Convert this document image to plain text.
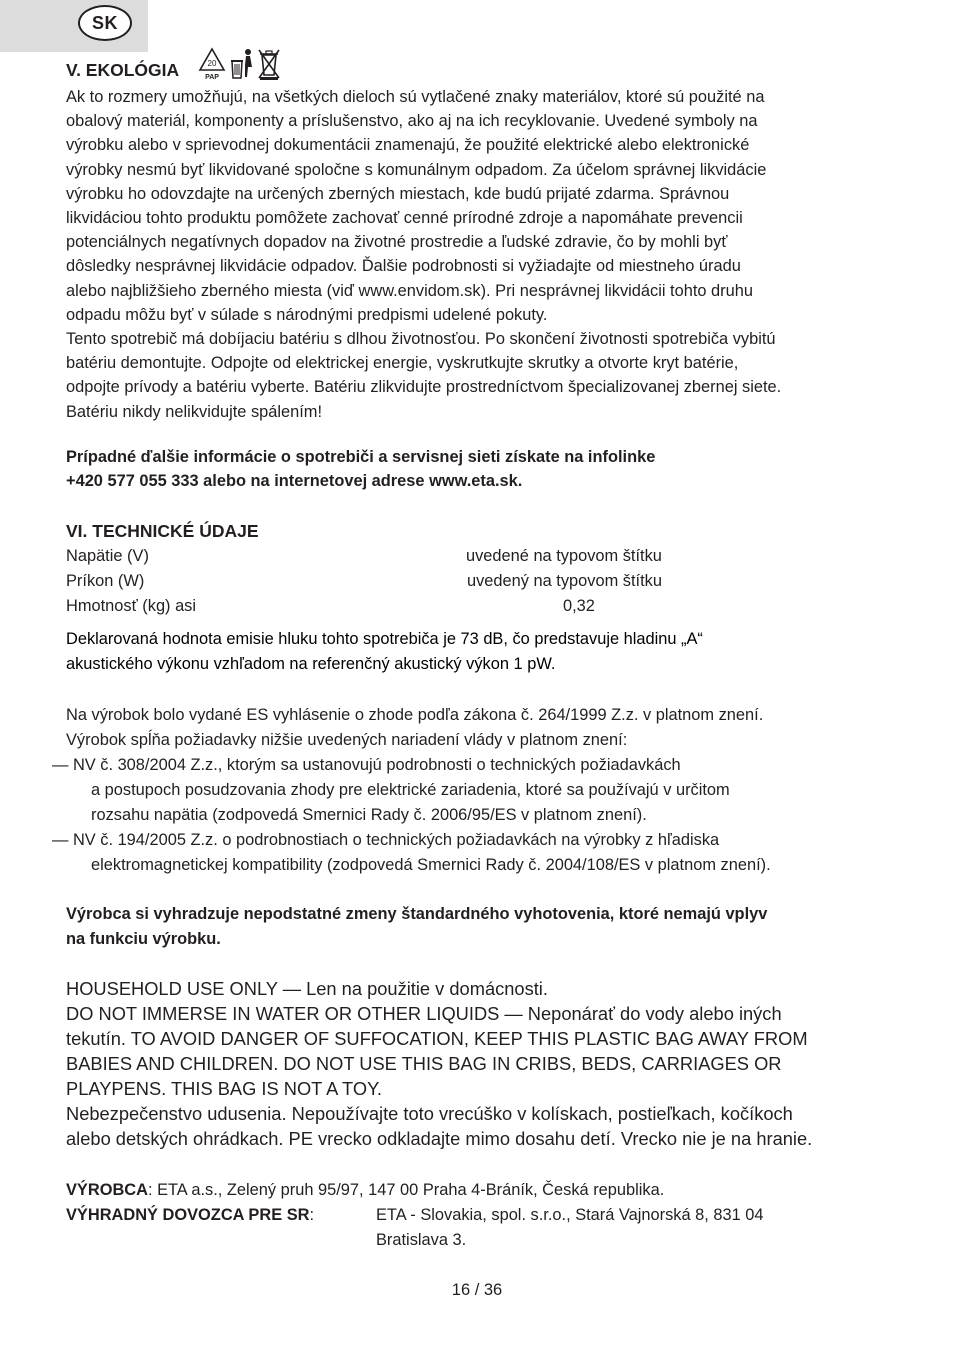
SK
V. EKOLÓGIA	20
PAP

Ak to rozmery umožňujú, na všetkých dieloch sú vytlačené znaky materiálov, ktoré sú použité na

obalový materiál, komponenty a príslušenstvo, ako aj na ich recyklovanie. Uvedené symboly na

výrobku alebo v sprievodnej dokumentácii znamenajú, že použité elektrické alebo elektronické

výrobky nesmú byť likvidované spoločne s komunálnym odpadom. Za účelom správnej likvidácie

výrobku ho odovzdajte na určených zberných miestach, kde budú prijaté zdarma. Správnou

likvidáciou tohto produktu pomôžete zachovať cenné prírodné zdroje a napomáhate prevencii

potenciálnych negatívnych dopadov na životné prostredie a ľudské zdravie, čo by mohli byť

dôsledky nesprávnej likvidácie odpadov. Ďalšie podrobnosti si vyžiadajte od miestneho úradu

alebo najbližšieho zberného miesta (viď www.envidom.sk). Pri nesprávnej likvidácii tohto druhu

odpadu môžu byť v súlade s národnými predpismi udelené pokuty.

Tento spotrebič má dobíjaciu batériu s dlhou životnosťou. Po skončení životnosti spotrebiča vybitú

batériu demontujte. Odpojte od elektrickej energie, vyskrutkujte skrutky a otvorte kryt batérie,

odpojte prívody a batériu vyberte. Batériu zlikvidujte prostredníctvom špecializovanej zbernej siete.

Batériu nikdy nelikvidujte spálením!

Prípadné ďalšie informácie o spotrebiči a servisnej sieti získate na infolinke

+420 577 055 333 alebo na internetovej adrese www.eta.sk.

VI. TECHNICKÉ ÚDAJE

Napätie (V)	uvedené na typovom štítku
Príkon (W)	uvedený na typovom štítku
Hmotnosť (kg) asi	0,32

Deklarovaná hodnota emisie hluku tohto spotrebiča je 73 dB, čo predstavuje hladinu „A“

akustického výkonu vzhľadom na referenčný akustický výkon 1 pW.

Na výrobok bolo vydané ES vyhlásenie o zhode podľa zákona č. 264/1999 Z.z. v platnom znení.

Výrobok spĺňa požiadavky nižšie uvedených nariadení vlády v platnom znení:

— NV č. 308/2004 Z.z., ktorým sa ustanovujú podrobnosti o technických požiadavkách

a postupoch posudzovania zhody pre elektrické zariadenia, ktoré sa používajú v určitom

rozsahu napätia (zodpovedá Smernici Rady č. 2006/95/ES v platnom znení).

— NV č. 194/2005 Z.z. o podrobnostiach o technických požiadavkách na výrobky z hľadiska

elektromagnetickej kompatibility (zodpovedá Smernici Rady č. 2004/108/ES v platnom znení).

Výrobca si vyhradzuje nepodstatné zmeny štandardného vyhotovenia, ktoré nemajú vplyv

na funkciu výrobku.

HOUSEHOLD USE ONLY — Len na použitie v domácnosti.

DO NOT IMMERSE IN WATER OR OTHER LIQUIDS — Neponárať do vody alebo iných

tekutín. TO AVOID DANGER OF SUFFOCATION, KEEP THIS PLASTIC BAG AWAY FROM

BABIES AND CHILDREN. DO NOT USE THIS BAG IN CRIBS, BEDS, CARRIAGES OR

PLAYPENS. THIS BAG IS NOT A TOY.

Nebezpečenstvo udusenia. Nepoužívajte toto vrecúško v kolískach, postieľkach, kočíkoch

alebo detských ohrádkach. PE vrecko odkladajte mimo dosahu detí. Vrecko nie je na hranie.

VÝROBCA: ETA a.s., Zelený pruh 95/97, 147 00 Praha 4-Bráník, Česká republika.
VÝHRADNÝ DOVOZCA PRE SR:	ETA - Slovakia, spol. s.r.o., Stará Vajnorská 8, 831 04
Bratislava 3.
16 / 36
